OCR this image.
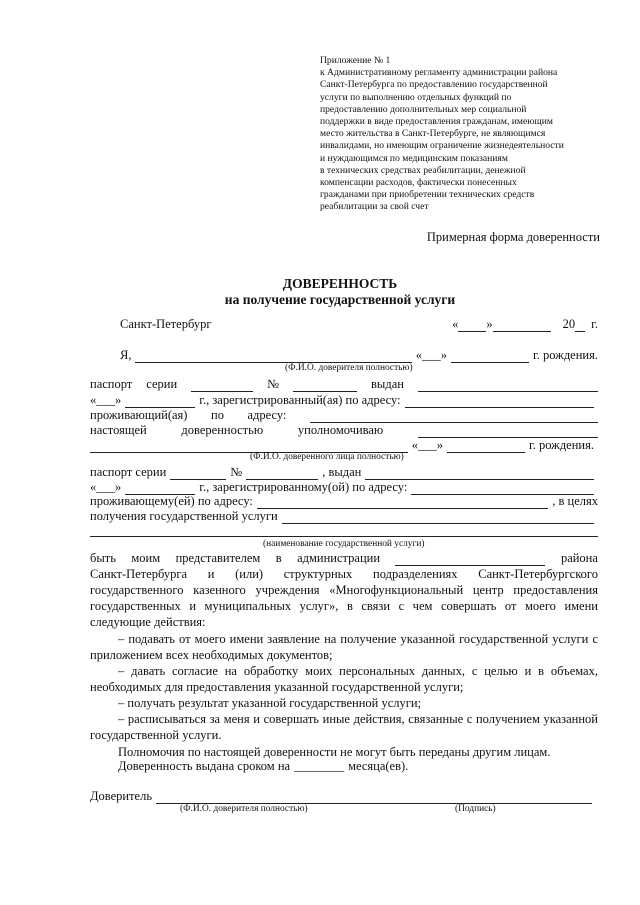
Приложение № 1
к Административному регламенту администрации района
Санкт-Петербурга по предоставлению государственной
услуги по выполнению отдельных функций по
предоставлению дополнительных мер социальной
поддержки в виде предоставления гражданам, имеющим
место жительства в Санкт-Петербурге, не являющимся
инвалидами, но имеющим ограничение жизнедеятельности
и нуждающимся по медицинским показаниям
в технических средствах реабилитации, денежной
компенсации расходов, фактически понесенных
гражданами при приобретении технических средств
реабилитации за свой счет
Примерная форма доверенности
ДОВЕРЕННОСТЬ
на получение государственной услуги
Санкт-Петербург	« »	20 г.
Я,	«___»	г. рождения.
(Ф.И.О. доверителя полностью)
паспорт серии	№	выдан
«___»	г., зарегистрированный(ая) по адресу:
проживающий(ая) по адресу:
настоящей	доверенностью	уполномочиваю
«___»	г. рождения.
(Ф.И.О. доверенного лица полностью)
паспорт серии	№	, выдан
«___»	г., зарегистрированному(ой) по адресу:
проживающему(ей) по адресу:	, в целях
получения государственной услуги
(наименование государственной услуги)
быть моим представителем в администрации	района
Санкт-Петербурга и (или) структурных подразделениях Санкт-Петербургского государственного казенного учреждения «Многофункциональный центр предоставления государственных и муниципальных услуг», в связи с чем совершать от моего имени следующие действия:
– подавать от моего имени заявление на получение указанной государственной услуги с приложением всех необходимых документов;
– давать согласие на обработку моих персональных данных, с целью и в объемах, необходимых для предоставления указанной государственной услуги;
– получать результат указанной государственной услуги;
– расписываться за меня и совершать иные действия, связанные с получением указанной государственной услуги.
Полномочия по настоящей доверенности не могут быть переданы другим лицам.
Доверенность выдана сроком на ________ месяца(ев).
Доверитель
(Ф.И.О. доверителя полностью)	(Подпись)
